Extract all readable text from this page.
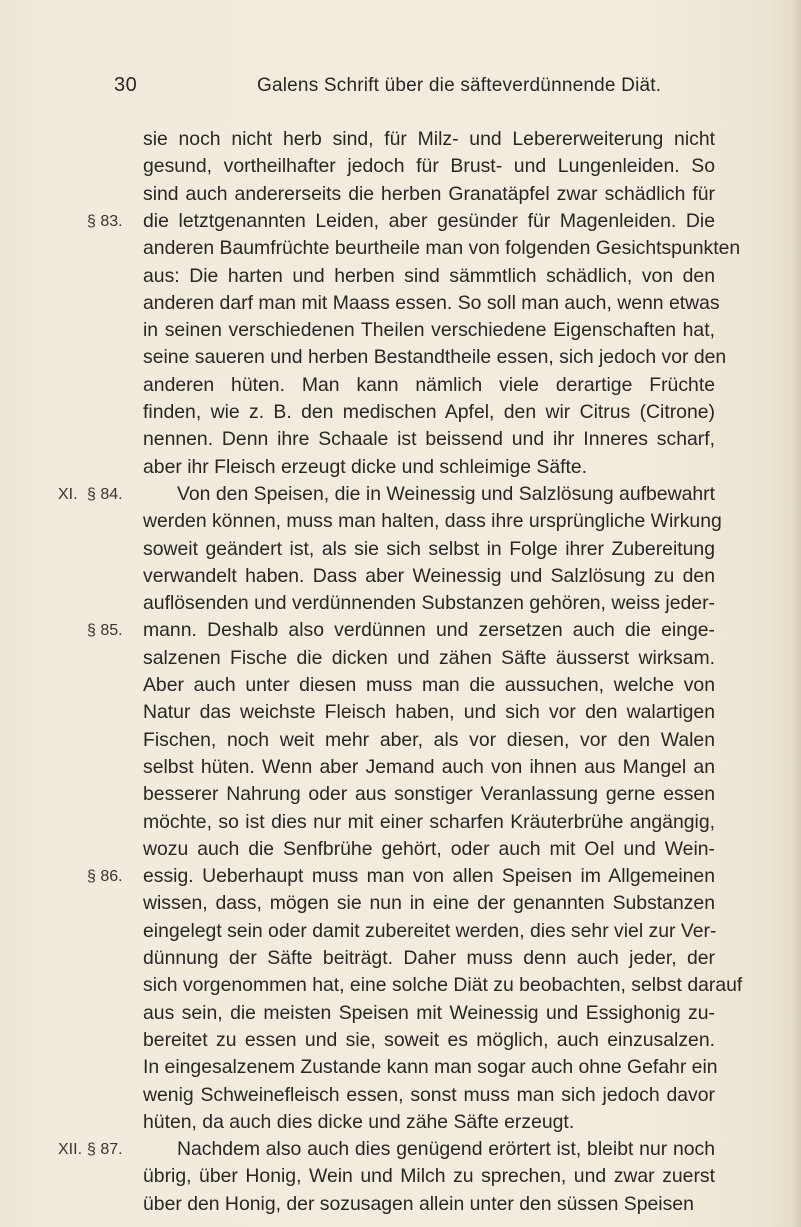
30	Galens Schrift über die säfteverdünnende Diät.
sie noch nicht herb sind, für Milz- und Lebererweiterung nicht
gesund, vortheilhafter jedoch für Brust- und Lungenleiden. So
sind auch andererseits die herben Granatäpfel zwar schädlich für
die letztgenannten Leiden, aber gesünder für Magenleiden. Die
anderen Baumfrüchte beurtheile man von folgenden Gesichtspunkten
aus: Die harten und herben sind sämmtlich schädlich, von den
anderen darf man mit Maass essen. So soll man auch, wenn etwas
in seinen verschiedenen Theilen verschiedene Eigenschaften hat,
seine saueren und herben Bestandtheile essen, sich jedoch vor den
anderen hüten. Man kann nämlich viele derartige Früchte
finden, wie z. B. den medischen Apfel, den wir Citrus (Citrone)
nennen. Denn ihre Schaale ist beissend und ihr Inneres scharf,
aber ihr Fleisch erzeugt dicke und schleimige Säfte.
Von den Speisen, die in Weinessig und Salzlösung aufbewahrt
werden können, muss man halten, dass ihre ursprüngliche Wirkung
soweit geändert ist, als sie sich selbst in Folge ihrer Zubereitung
verwandelt haben. Dass aber Weinessig und Salzlösung zu den
auflösenden und verdünnenden Substanzen gehören, weiss jeder-
mann. Deshalb also verdünnen und zersetzen auch die einge-
salzenen Fische die dicken und zähen Säfte äusserst wirksam.
Aber auch unter diesen muss man die aussuchen, welche von
Natur das weichste Fleisch haben, und sich vor den walartigen
Fischen, noch weit mehr aber, als vor diesen, vor den Walen
selbst hüten. Wenn aber Jemand auch von ihnen aus Mangel an
besserer Nahrung oder aus sonstiger Veranlassung gerne essen
möchte, so ist dies nur mit einer scharfen Kräuterbrühe angängig,
wozu auch die Senfbrühe gehört, oder auch mit Oel und Wein-
essig. Ueberhaupt muss man von allen Speisen im Allgemeinen
wissen, dass, mögen sie nun in eine der genannten Substanzen
eingelegt sein oder damit zubereitet werden, dies sehr viel zur Ver-
dünnung der Säfte beiträgt. Daher muss denn auch jeder, der
sich vorgenommen hat, eine solche Diät zu beobachten, selbst darauf
aus sein, die meisten Speisen mit Weinessig und Essighonig zu-
bereitet zu essen und sie, soweit es möglich, auch einzusalzen.
In eingesalzenem Zustande kann man sogar auch ohne Gefahr ein
wenig Schweinefleisch essen, sonst muss man sich jedoch davor
hüten, da auch dies dicke und zähe Säfte erzeugt.
Nachdem also auch dies genügend erörtert ist, bleibt nur noch
übrig, über Honig, Wein und Milch zu sprechen, und zwar zuerst
über den Honig, der sozusagen allein unter den süssen Speisen
§ 83.
XI. § 84.
§ 85.
§ 86.
XII. § 87.
